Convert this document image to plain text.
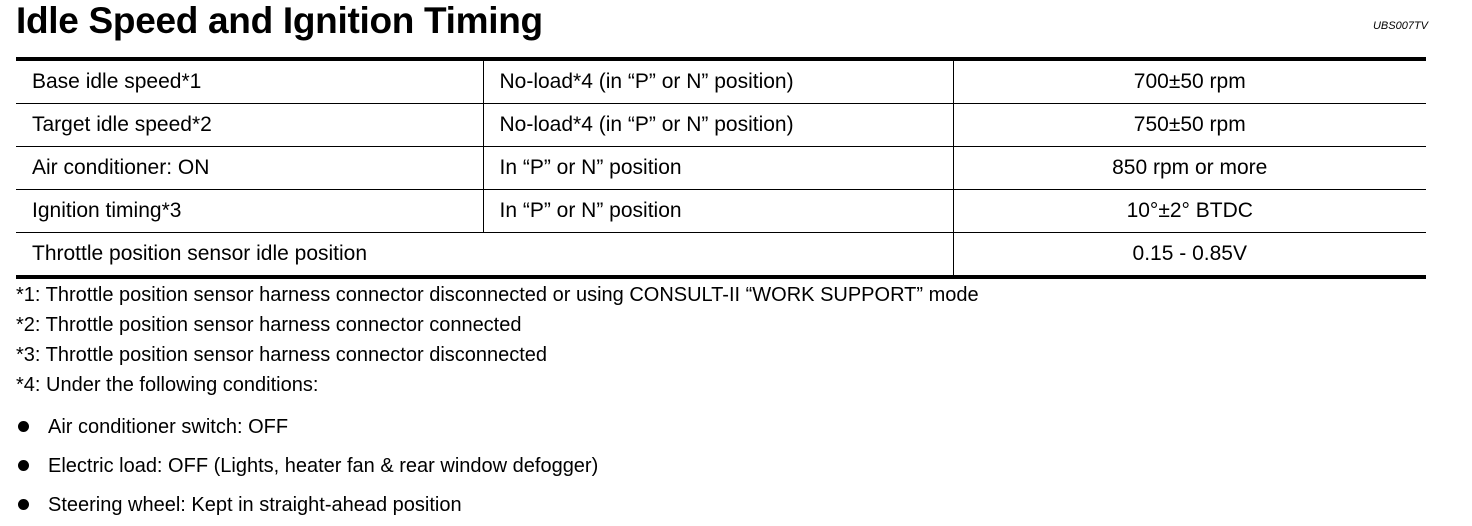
Idle Speed and Ignition Timing	UBS007TV
Base idle speed*1	No-load*4 (in “P” or N” position)	700±50 rpm
Target idle speed*2	No-load*4 (in “P” or N” position)	750±50 rpm
Air conditioner: ON	In “P” or N” position	850 rpm or more
Ignition timing*3	In “P” or N” position	10°±2° BTDC
Throttle position sensor idle position		0.15 - 0.85V
*1: Throttle position sensor harness connector disconnected or using CONSULT-II “WORK SUPPORT” mode
*2: Throttle position sensor harness connector connected
*3: Throttle position sensor harness connector disconnected
*4: Under the following conditions:
Air conditioner switch: OFF
Electric load: OFF (Lights, heater fan & rear window defogger)
Steering wheel: Kept in straight-ahead position
